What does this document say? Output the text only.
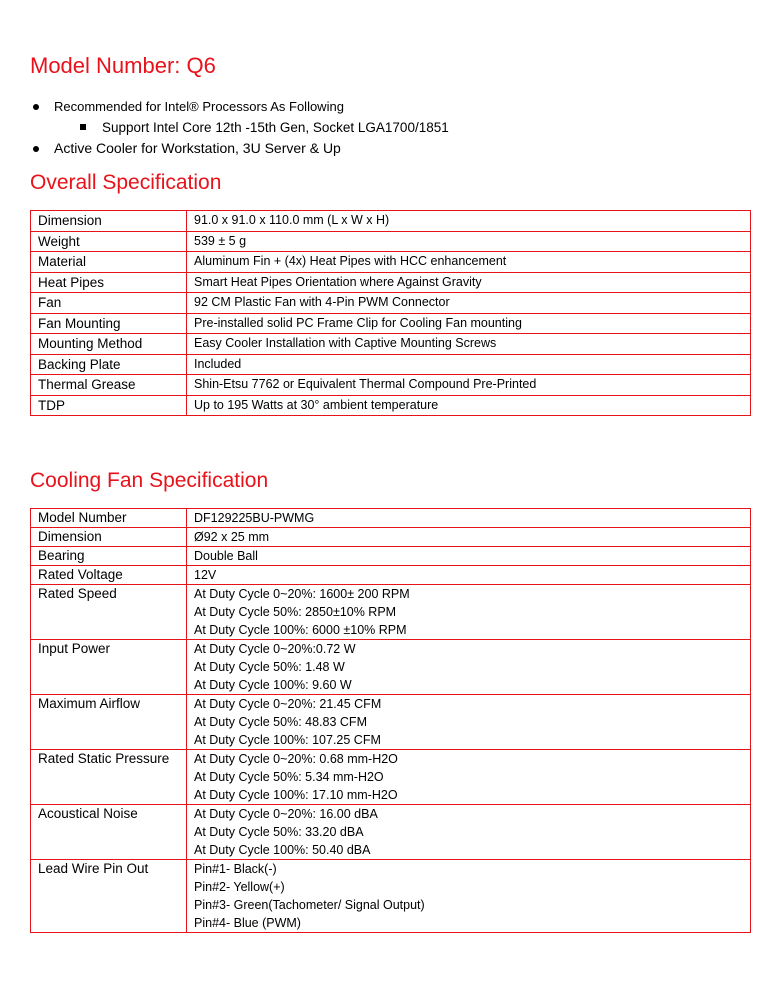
Model Number: Q6
Recommended for Intel® Processors As Following
Support Intel Core 12th -15th Gen, Socket LGA1700/1851
Active Cooler for Workstation, 3U Server & Up
Overall Specification
Dimension	91.0 x 91.0 x 110.0 mm (L x W x H)

Weight	539 ± 5 g

Material	Aluminum Fin + (4x) Heat Pipes with HCC enhancement

Heat Pipes	Smart Heat Pipes Orientation where Against Gravity

Fan	92 CM Plastic Fan with 4-Pin PWM Connector

Fan Mounting	Pre-installed solid PC Frame Clip for Cooling Fan mounting

Mounting Method	Easy Cooler Installation with Captive Mounting Screws

Backing Plate	Included

Thermal Grease	Shin-Etsu 7762 or Equivalent Thermal Compound Pre-Printed

TDP	Up to 195 Watts at 30° ambient temperature
Cooling Fan Specification
Model Number	DF129225BU-PWMG

Dimension	Ø92 x 25 mm

Bearing	Double Ball

Rated Voltage	12V

Rated Speed	At Duty Cycle 0~20%: 1600± 200 RPM
At Duty Cycle 50%: 2850±10% RPM
At Duty Cycle 100%: 6000 ±10% RPM

Input Power	At Duty Cycle 0~20%:0.72 W
At Duty Cycle 50%: 1.48 W
At Duty Cycle 100%: 9.60 W

Maximum Airflow	At Duty Cycle 0~20%: 21.45 CFM
At Duty Cycle 50%: 48.83 CFM
At Duty Cycle 100%: 107.25 CFM

Rated Static Pressure	At Duty Cycle 0~20%: 0.68 mm-H2O
At Duty Cycle 50%: 5.34 mm-H2O
At Duty Cycle 100%: 17.10 mm-H2O

Acoustical Noise	At Duty Cycle 0~20%: 16.00 dBA
At Duty Cycle 50%: 33.20 dBA
At Duty Cycle 100%: 50.40 dBA

Lead Wire Pin Out	Pin#1- Black(-)
Pin#2- Yellow(+)
Pin#3- Green(Tachometer/ Signal Output)
Pin#4- Blue (PWM)
